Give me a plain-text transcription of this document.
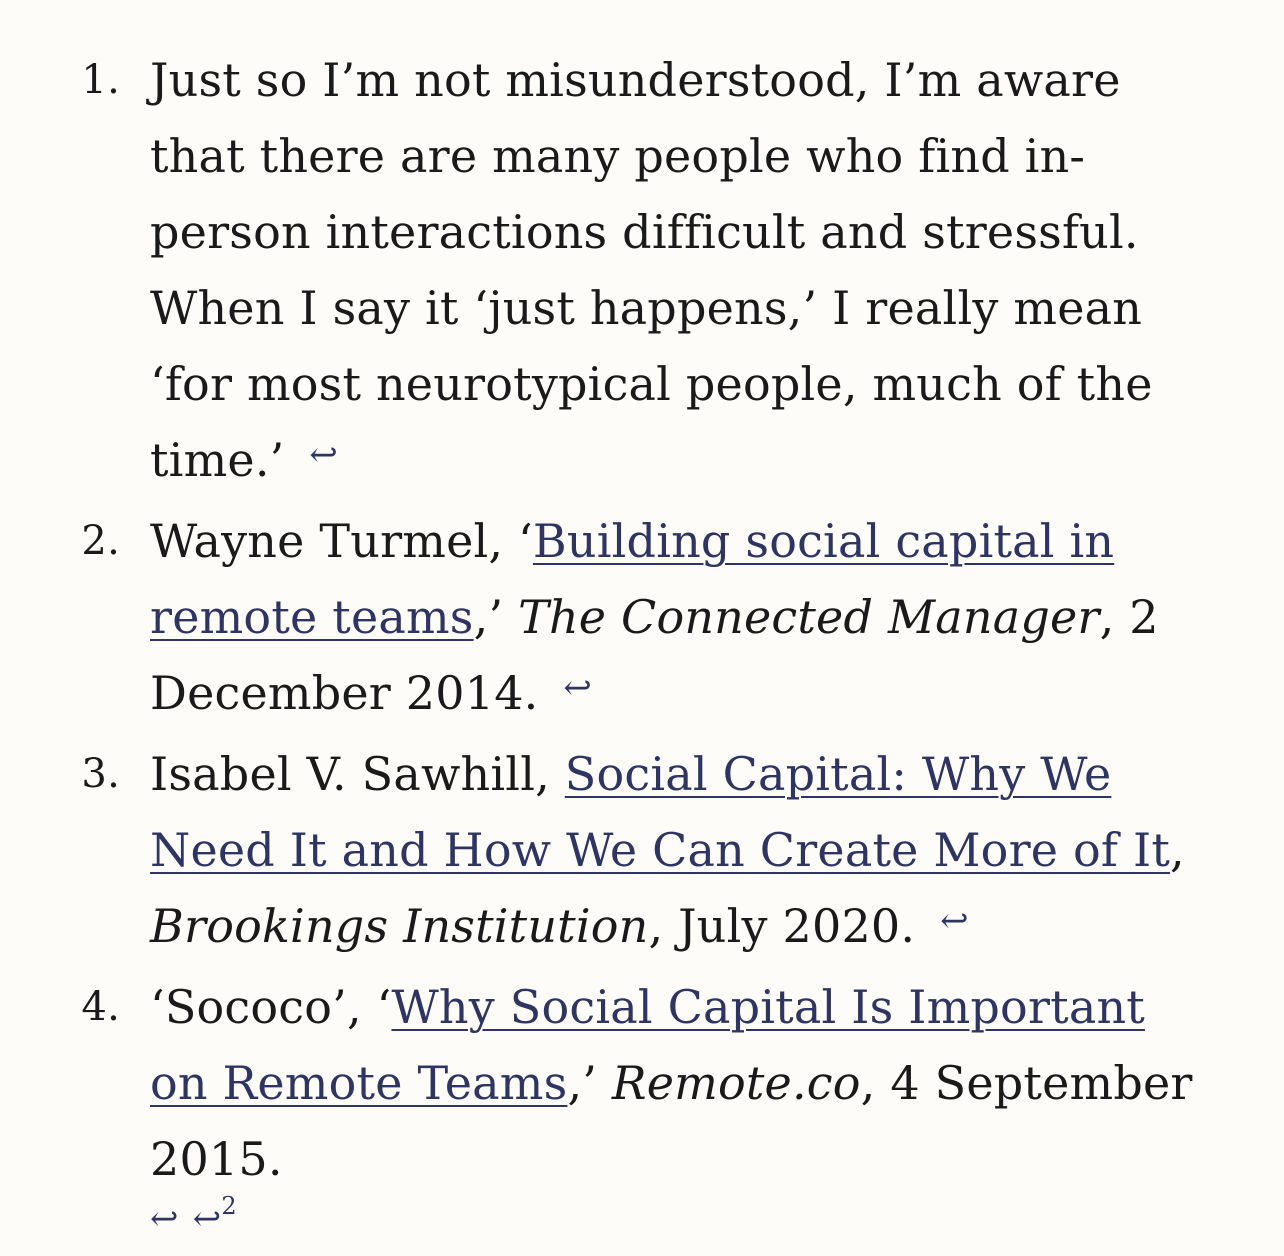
1. Just so I’m not misunderstood, I’m aware that there are many people who find in-person interactions difficult and stressful. When I say it ‘just happens,’ I really mean ‘for most neurotypical people, much of the time.’ ↩
2. Wayne Turmel, ‘Building social capital in remote teams,’ The Connected Manager, 2 December 2014. ↩
3. Isabel V. Sawhill, Social Capital: Why We Need It and How We Can Create More of It, Brookings Institution, July 2020. ↩
4. ‘Sococo’, ‘Why Social Capital Is Important on Remote Teams,’ Remote.co, 4 September 2015.
↩ $^{↩^2}$
